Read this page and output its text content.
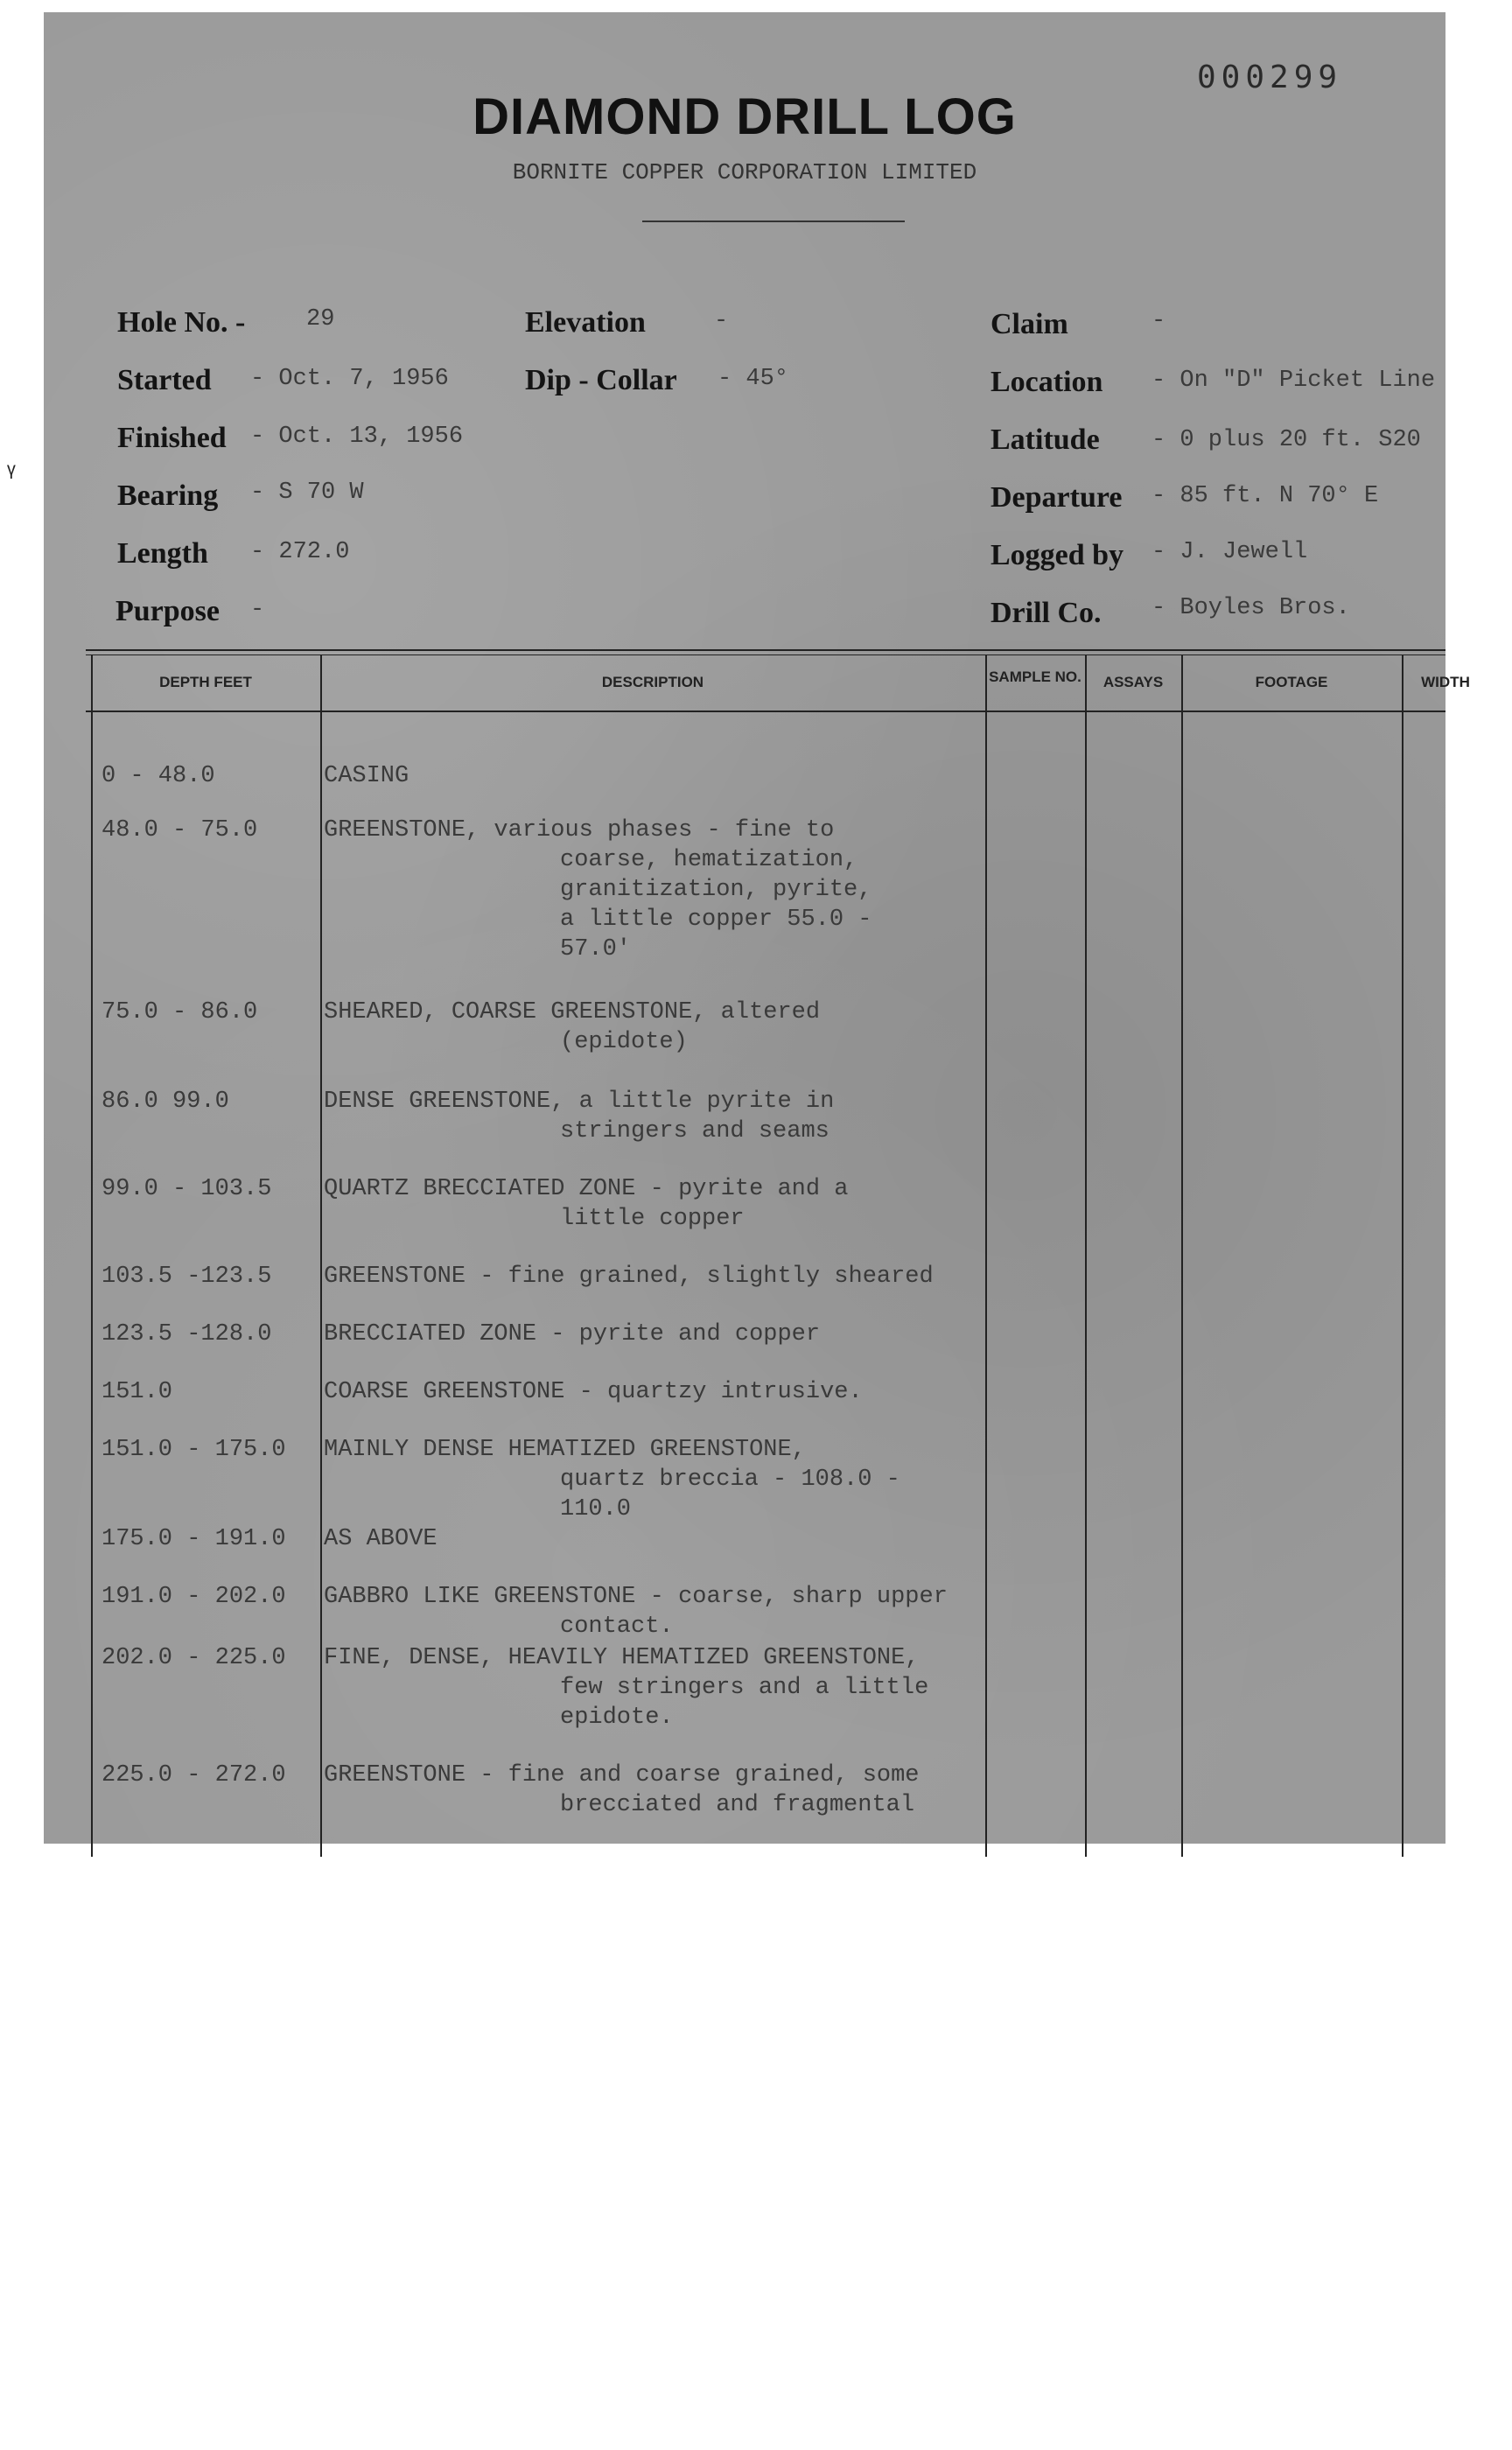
000299
DIAMOND DRILL LOG
BORNITE COPPER CORPORATION LIMITED
Hole No. -	29
Started - Oct. 7, 1956
Finished - Oct. 13, 1956
Bearing - S 70 W
Length - 272.0
Purpose -
Elevation	-
Dip - Collar - 45°
Claim	-
Location - On "D" Picket Line
Latitude - 0 plus 20 ft. S20
Departure - 85 ft. N 70° E
Logged by - J. Jewell
Drill Co. - Boyles Bros.
DEPTH FEET	DESCRIPTION	SAMPLE NO.	ASSAYS	FOOTAGE	WIDTH
0 - 48.0	CASING
48.0 - 75.0	GREENSTONE, various phases - fine to
coarse, hematization,
granitization, pyrite,
a little copper 55.0 -
57.0'
75.0 - 86.0	SHEARED, COARSE GREENSTONE, altered
(epidote)
86.0 99.0	DENSE GREENSTONE, a little pyrite in
stringers and seams
99.0 - 103.5	QUARTZ BRECCIATED ZONE - pyrite and a
little copper
103.5 -123.5	GREENSTONE - fine grained, slightly sheared
123.5 -128.0	BRECCIATED ZONE - pyrite and copper
151.0	COARSE GREENSTONE - quartzy intrusive.
151.0 - 175.0	MAINLY DENSE HEMATIZED GREENSTONE,
quartz breccia - 108.0 -
110.0
175.0 - 191.0	AS ABOVE
191.0 - 202.0	GABBRO LIKE GREENSTONE - coarse, sharp upper
contact.
202.0 - 225.0	FINE, DENSE, HEAVILY HEMATIZED GREENSTONE,
few stringers and a little
epidote.
225.0 - 272.0	GREENSTONE - fine and coarse grained, some
brecciated and fragmental
ᵞ
